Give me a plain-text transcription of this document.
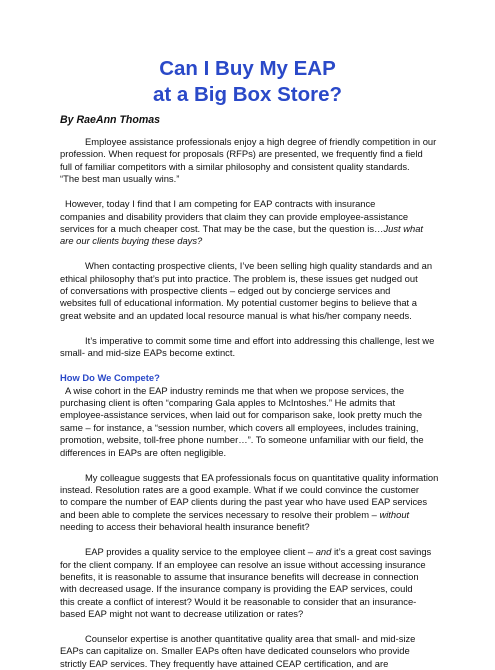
Can I Buy My EAP
at a Big Box Store?

By RaeAnn Thomas

Employee assistance professionals enjoy a high degree of friendly competition in our
profession. When request for proposals (RFPs) are presented, we frequently find a field
full of familiar competitors with a similar philosophy and consistent quality standards.
“The best man usually wins.”
However, today I find that I am competing for EAP contracts with insurance
companies and disability providers that claim they can provide employee-assistance
services for a much cheaper cost. That may be the case, but the question is…Just what
are our clients buying these days?
When contacting prospective clients, I’ve been selling high quality standards and an
ethical philosophy that’s put into practice. The problem is, these issues get nudged out
of conversations with prospective clients – edged out by concierge services and
websites full of educational information. My potential customer begins to believe that a
great website and an updated local resource manual is what his/her company needs.
It’s imperative to commit some time and effort into addressing this challenge, lest we
small- and mid-size EAPs become extinct.
How Do We Compete?
A wise cohort in the EAP industry reminds me that when we propose services, the
purchasing client is often “comparing Gala apples to McIntoshes.” He admits that
employee-assistance services, when laid out for comparison sake, look pretty much the
same – for instance, a “session number, which covers all employees, includes training,
promotion, website, toll-free phone number…”. To someone unfamiliar with our field, the
differences in EAPs are often negligible.
My colleague suggests that EA professionals focus on quantitative quality information
instead. Resolution rates are a good example. What if we could convince the customer
to compare the number of EAP clients during the past year who have used EAP services
and been able to complete the services necessary to resolve their problem – without
needing to access their behavioral health insurance benefit?
EAP provides a quality service to the employee client – and it’s a great cost savings
for the client company. If an employee can resolve an issue without accessing insurance
benefits, it is reasonable to assume that insurance benefits will decrease in connection
with decreased usage. If the insurance company is providing the EAP services, could
this create a conflict of interest? Would it be reasonable to consider that an insurance-
based EAP might not want to decrease utilization or rates?
Counselor expertise is another quantitative quality area that small- and mid-size
EAPs can capitalize on. Smaller EAPs often have dedicated counselors who provide
strictly EAP services. They frequently have attained CEAP certification, and are
